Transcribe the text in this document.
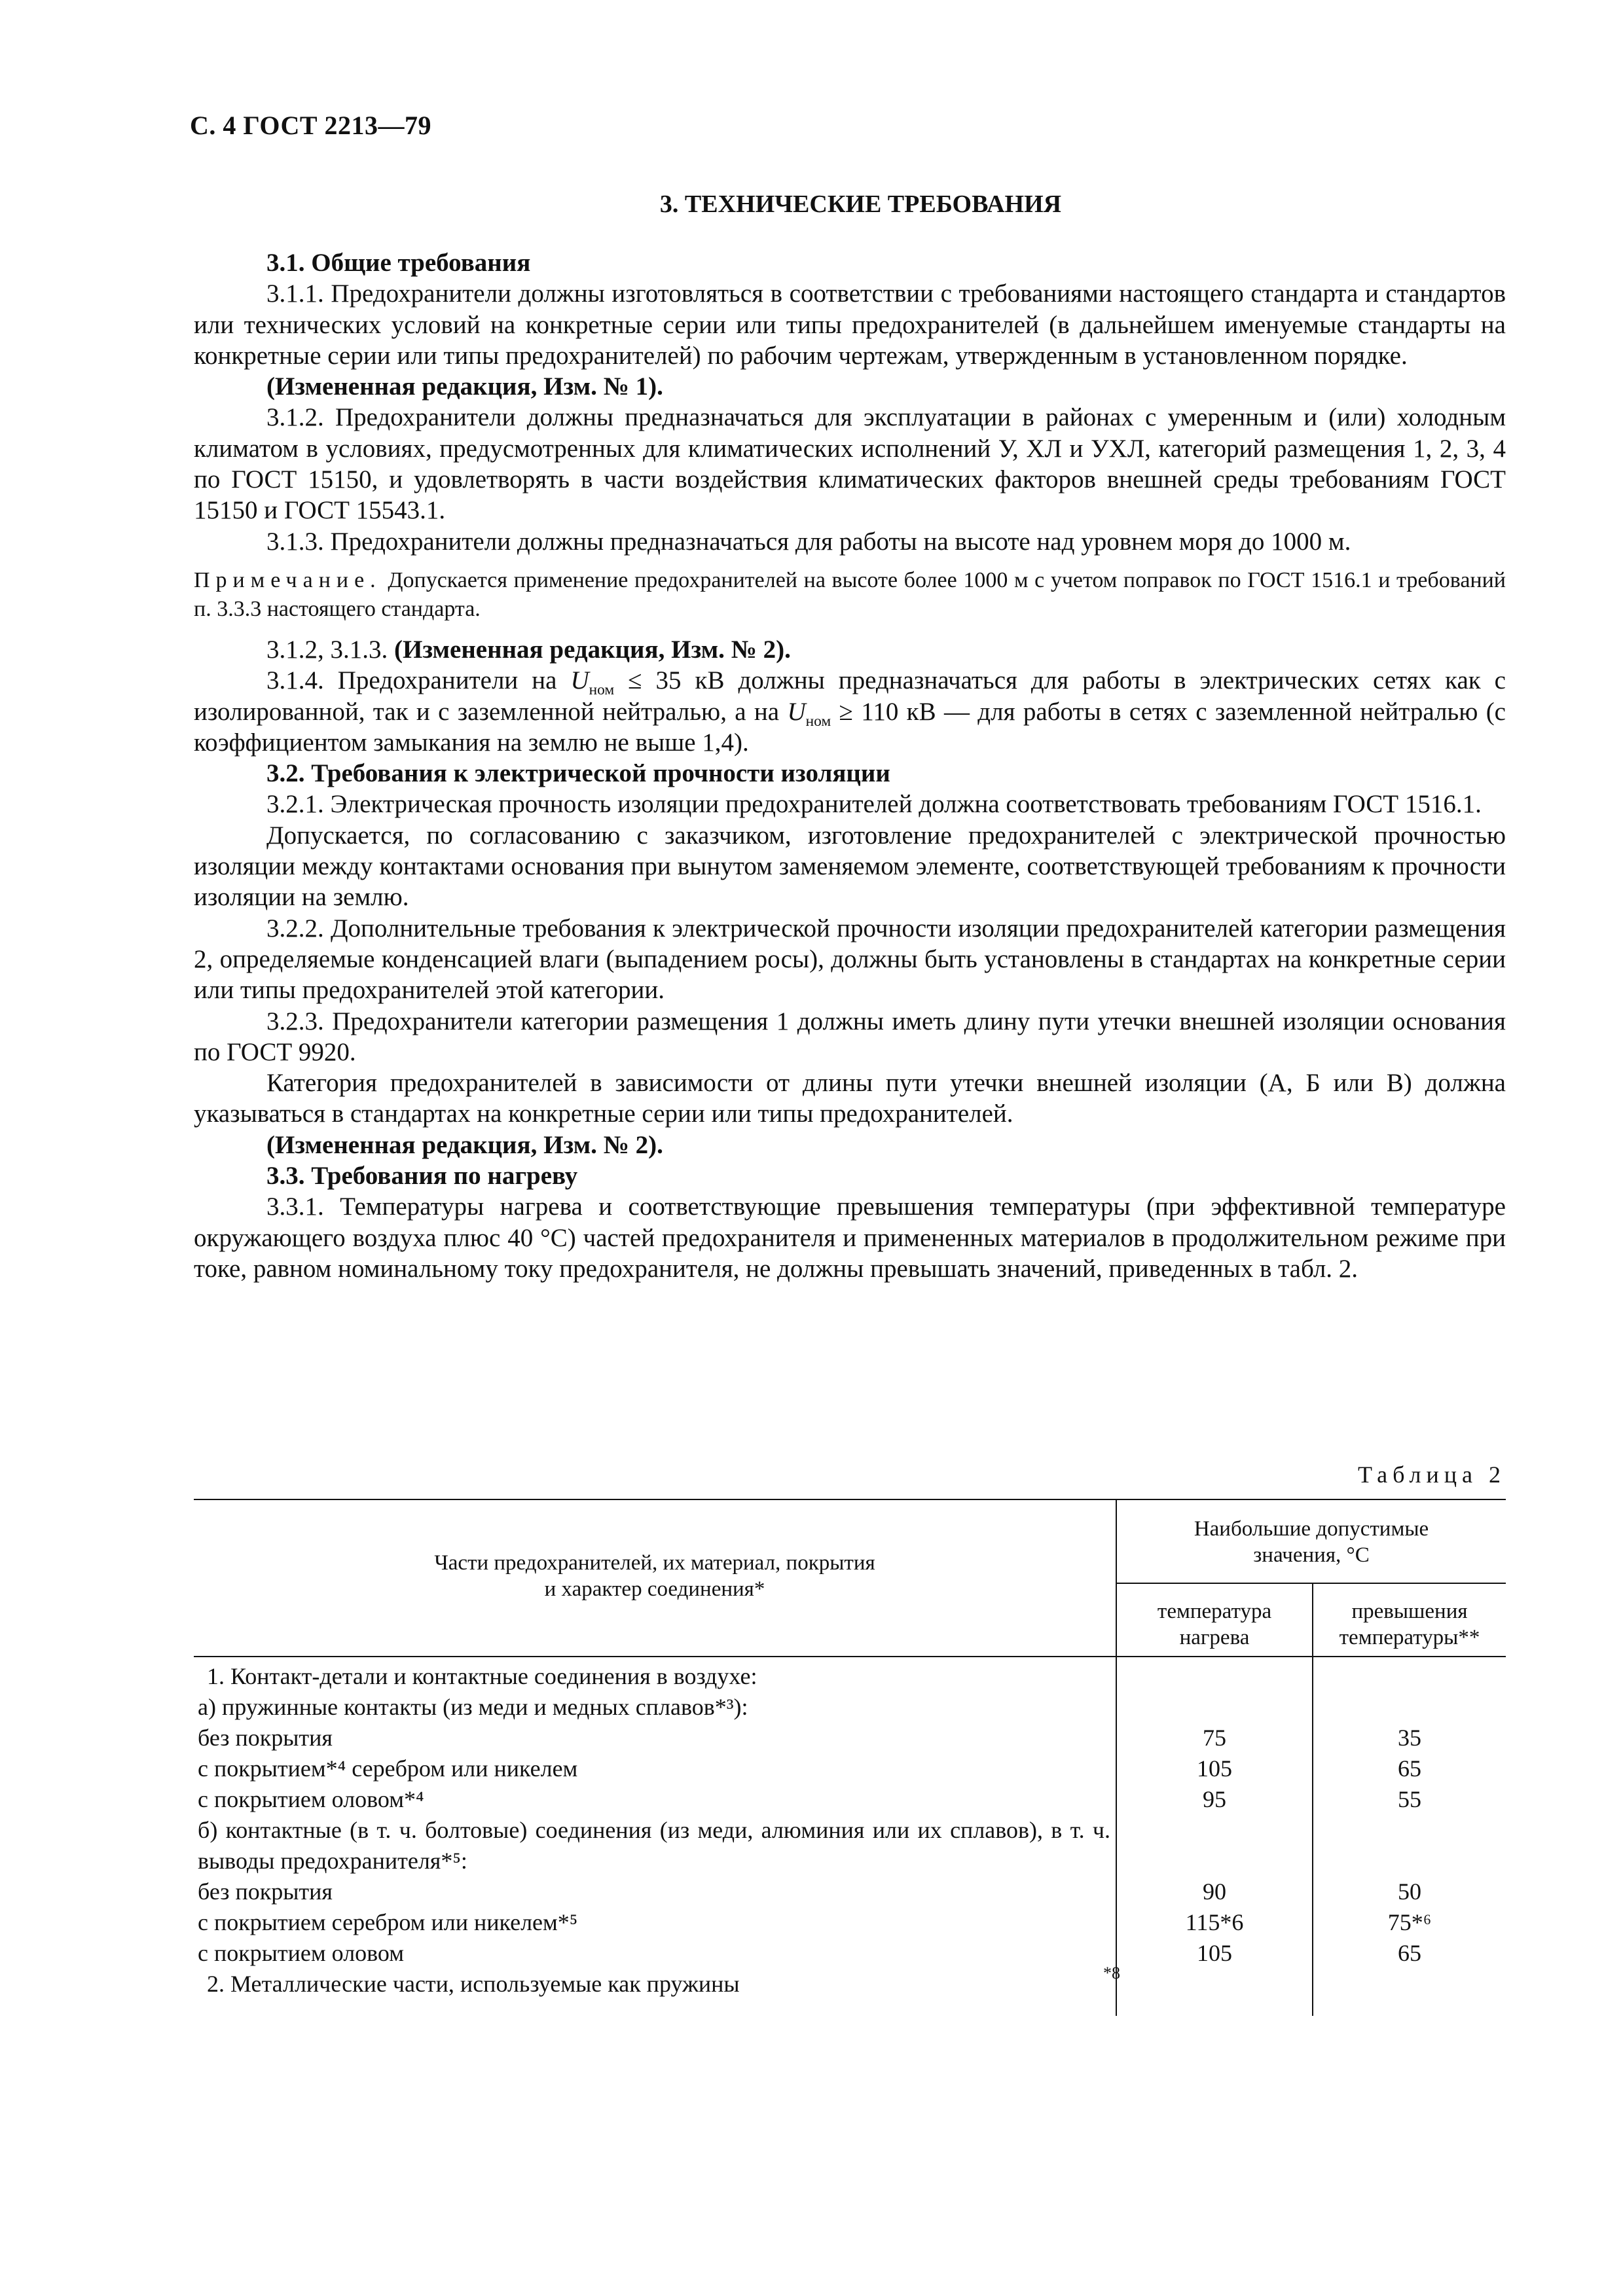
С. 4 ГОСТ 2213—79
3. ТЕХНИЧЕСКИЕ ТРЕБОВАНИЯ

3.1. Общие требования

3.1.1. Предохранители должны изготовляться в соответствии с требованиями настоящего стандарта и стандартов или технических условий на конкретные серии или типы предохранителей (в дальнейшем именуемые стандарты на конкретные серии или типы предохранителей) по рабочим чертежам, утвержденным в установленном порядке.

(Измененная редакция, Изм. № 1).

3.1.2. Предохранители должны предназначаться для эксплуатации в районах с умеренным и (или) холодным климатом в условиях, предусмотренных для климатических исполнений У, ХЛ и УХЛ, категорий размещения 1, 2, 3, 4 по ГОСТ 15150, и удовлетворять в части воздействия климатических факторов внешней среды требованиям ГОСТ 15150 и ГОСТ 15543.1.

3.1.3. Предохранители должны предназначаться для работы на высоте над уровнем моря до 1000 м.

Примечание. Допускается применение предохранителей на высоте более 1000 м с учетом поправок по ГОСТ 1516.1 и требований п. 3.3.3 настоящего стандарта.

3.1.2, 3.1.3. (Измененная редакция, Изм. № 2).

3.1.4. Предохранители на $U_{ном} \le 35$ кВ должны предназначаться для работы в электрических сетях как с изолированной, так и с заземленной нейтралью, а на $U_{ном} \ge 110$ кВ — для работы в сетях с заземленной нейтралью (с коэффициентом замыкания на землю не выше 1,4).

3.2. Требования к электрической прочности изоляции

3.2.1. Электрическая прочность изоляции предохранителей должна соответствовать требованиям ГОСТ 1516.1.

Допускается, по согласованию с заказчиком, изготовление предохранителей с электрической прочностью изоляции между контактами основания при вынутом заменяемом элементе, соответствующей требованиям к прочности изоляции на землю.

3.2.2. Дополнительные требования к электрической прочности изоляции предохранителей категории размещения 2, определяемые конденсацией влаги (выпадением росы), должны быть установлены в стандартах на конкретные серии или типы предохранителей этой категории.

3.2.3. Предохранители категории размещения 1 должны иметь длину пути утечки внешней изоляции основания по ГОСТ 9920.

Категория предохранителей в зависимости от длины пути утечки внешней изоляции (А, Б или В) должна указываться в стандартах на конкретные серии или типы предохранителей.

(Измененная редакция, Изм. № 2).

3.3. Требования по нагреву

3.3.1. Температуры нагрева и соответствующие превышения температуры (при эффективной температуре окружающего воздуха плюс 40 °С) частей предохранителя и примененных материалов в продолжительном режиме при токе, равном номинальному току предохранителя, не должны превышать значений, приведенных в табл. 2.

Таблица 2
Части предохранителей, их материал, покрытия
и характер соединения*
Наибольшие допустимые
значения, °С
температура
нагрева
превышения
температуры**
1. Контакт-детали и контактные соединения в воздухе:
а) пружинные контакты (из меди и медных сплавов*³):
без покрытия	75	35
с покрытием*⁴ серебром или никелем	105	65
с покрытием оловом*⁴	95	55
б) контактные (в т. ч. болтовые) соединения (из меди, алюминия или их сплавов), в т. ч. выводы предохранителя*⁵:
без покрытия	90	50
с покрытием серебром или никелем*⁵	115*6	75*⁶
с покрытием оловом	105	65
2. Металлические части, используемые как пружины	*8
